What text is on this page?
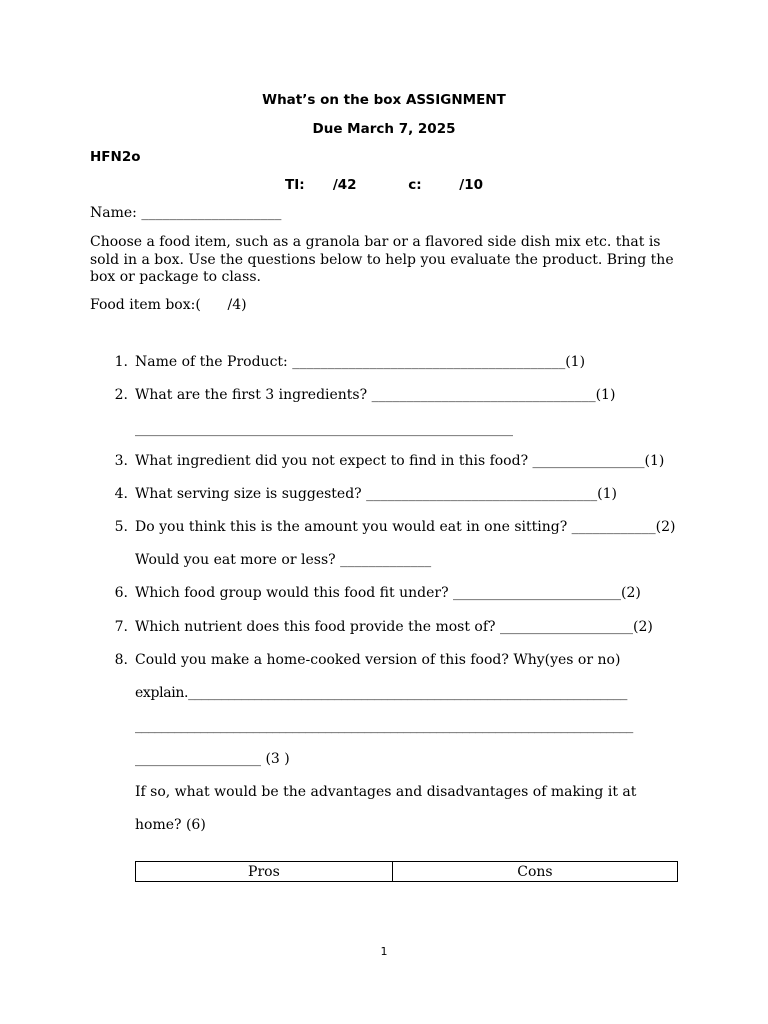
What’s on the box ASSIGNMENT
Due March 7, 2025
HFN2o
TI:      /42           c:        /10
Name: ____________________
Choose a food item, such as a granola bar or a flavored side dish mix etc. that is sold in a box. Use the questions below to help you evaluate the product. Bring the box or package to class.
Food item box:(      /4)
1. Name of the Product: _______________________________________(1)
2. What are the first 3 ingredients? ________________________________(1)
______________________________________________________
3. What ingredient did you not expect to find in this food? ________________(1)
4. What serving size is suggested? _________________________________(1)
5. Do you think this is the amount you would eat in one sitting? ____________(2)
Would you eat more or less? _____________
6. Which food group would this food fit under? ________________________(2)
7. Which nutrient does this food provide the most of? ___________________(2)
8. Could you make a home-cooked version of this food? Why(yes or no)
explain.__________________________________________________________________
____________________________________________________________________________
__________________ (3 )
If so, what would be the advantages and disadvantages of making it at
home? (6)
Pros	Cons
1
